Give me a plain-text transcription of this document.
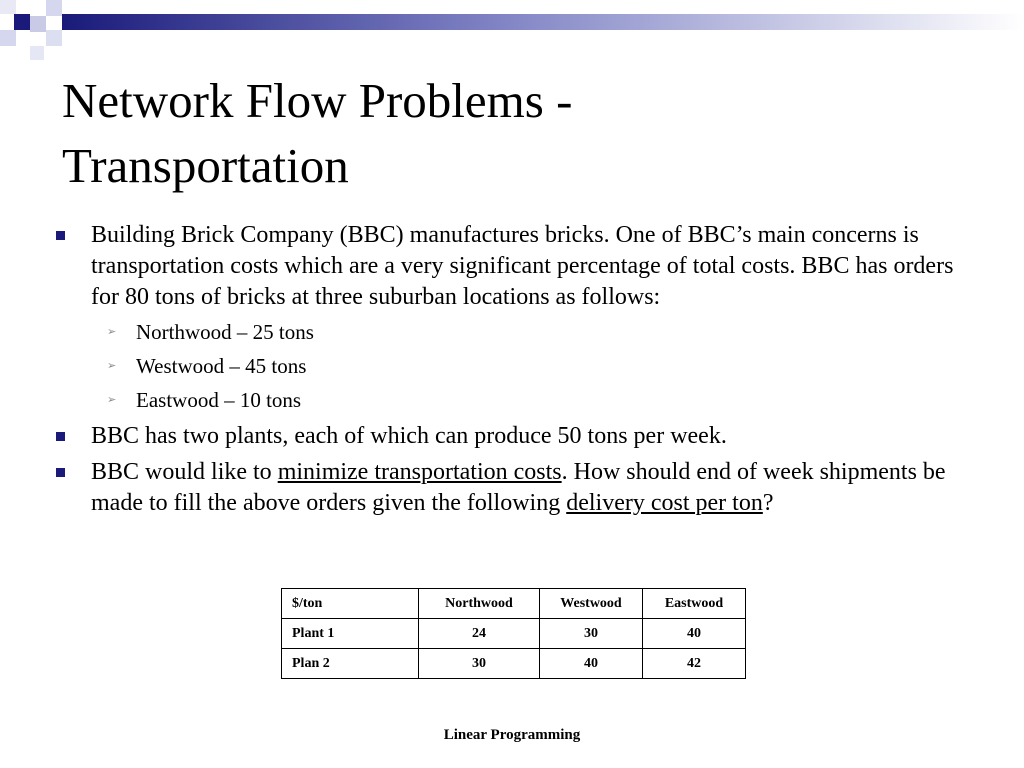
Network Flow Problems -
Transportation
Building Brick Company (BBC) manufactures bricks. One of BBC’s main concerns is transportation costs which are a very significant percentage of total costs. BBC has orders for 80 tons of bricks at three suburban locations as follows:
➢ Northwood – 25 tons
➢ Westwood – 45 tons
➢ Eastwood – 10 tons
BBC has two plants, each of which can produce 50 tons per week.
BBC would like to minimize transportation costs. How should end of week shipments be made to fill the above orders given the following delivery cost per ton?
$/ton	Northwood	Westwood	Eastwood
Plant 1	24	30	40
Plan 2	30	40	42
Linear Programming
